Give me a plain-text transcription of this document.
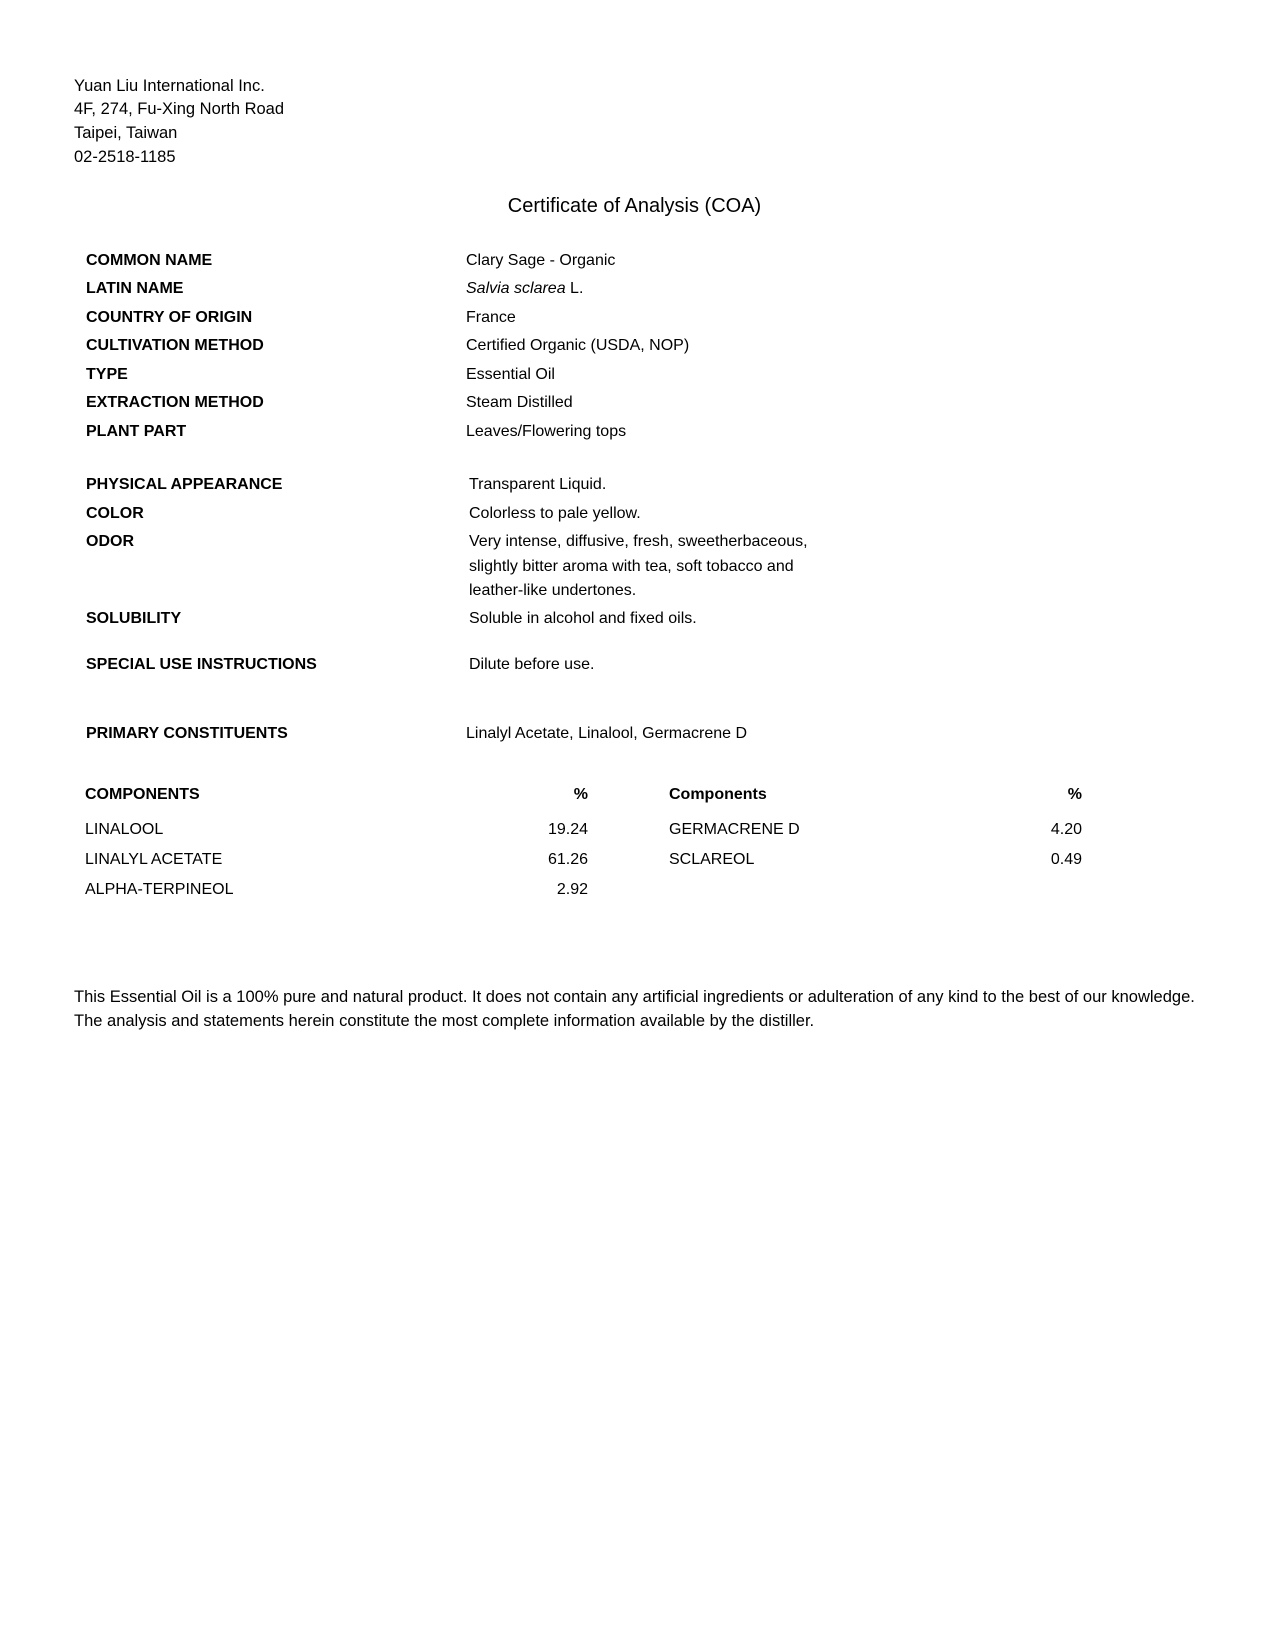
Yuan Liu International Inc.
4F, 274, Fu-Xing North Road
Taipei, Taiwan
02-2518-1185
Certificate of Analysis (COA)
COMMON NAME	Clary Sage - Organic
LATIN NAME	Salvia sclarea L.
COUNTRY OF ORIGIN	France
CULTIVATION METHOD	Certified Organic (USDA, NOP)
TYPE	Essential Oil
EXTRACTION METHOD	Steam Distilled
PLANT PART	Leaves/Flowering tops
PHYSICAL APPEARANCE	Transparent Liquid.
COLOR	Colorless to pale yellow.
ODOR	Very intense, diffusive, fresh, sweetherbaceous,
slightly bitter aroma with tea, soft tobacco and
leather-like undertones.
SOLUBILITY	Soluble in alcohol and fixed oils.
SPECIAL USE INSTRUCTIONS	Dilute before use.
PRIMARY CONSTITUENTS	Linalyl Acetate, Linalool, Germacrene D
COMPONENTS	%
LINALOOL	19.24
LINALYL ACETATE	61.26
ALPHA-TERPINEOL	2.92
Components	%
GERMACRENE D	4.20
SCLAREOL	0.49
This Essential Oil is a 100% pure and natural product. It does not contain any artificial ingredients or adulteration of any kind to the best of our knowledge. The analysis and statements herein constitute the most complete information available by the distiller.
